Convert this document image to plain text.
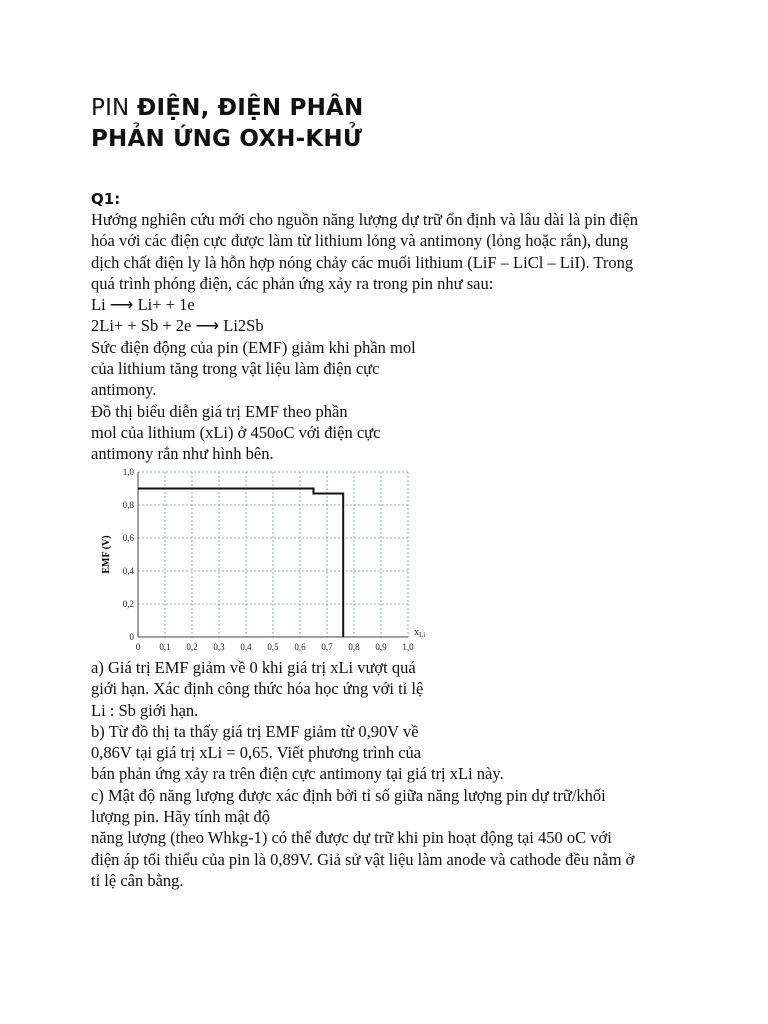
PIN ĐIỆN, ĐIỆN PHÂN
PHẢN ỨNG OXH-KHỬ
Q1:
Hướng nghiên cứu mới cho nguồn năng lượng dự trữ ổn định và lâu dài là pin điện
hóa với các điện cực được làm từ lithium lỏng và antimony (lỏng hoặc rắn), dung
dịch chất điện ly là hỗn hợp nóng chảy các muối lithium (LiF – LiCl – LiI). Trong
quá trình phóng điện, các phản ứng xảy ra trong pin như sau:
Li ⟶ Li+ + 1e
2Li+ + Sb + 2e ⟶ Li2Sb
Sức điện động của pin (EMF) giảm khi phần mol
của lithium tăng trong vật liệu làm điện cực
antimony.
Đồ thị biểu diễn giá trị EMF theo phần
mol của lithium (xLi) ở 450oC với điện cực
antimony rắn như hình bên.
0 0,1 0,2 0,3 0,4 0,5 0,6 0,7 0,8 0,9 1,0
0
0,2
0,4
0,6
0,8
1,0
$x_{Li}$
EMF (V)
a) Giá trị EMF giảm về 0 khi giá trị xLi vượt quá
giới hạn. Xác định công thức hóa học ứng với tỉ lệ
Li : Sb giới hạn.
b) Từ đồ thị ta thấy giá trị EMF giảm từ 0,90V về
0,86V tại giá trị xLi = 0,65. Viết phương trình của
bán phản ứng xảy ra trên điện cực antimony tại giá trị xLi này.
c) Mật độ năng lượng được xác định bởi tỉ số giữa năng lượng pin dự trữ/khối
lượng pin. Hãy tính mật độ
năng lượng (theo Whkg-1) có thể được dự trữ khi pin hoạt động tại 450 oC với
điện áp tối thiểu của pin là 0,89V. Giả sử vật liệu làm anode và cathode đều nằm ở
tỉ lệ cân bằng.
